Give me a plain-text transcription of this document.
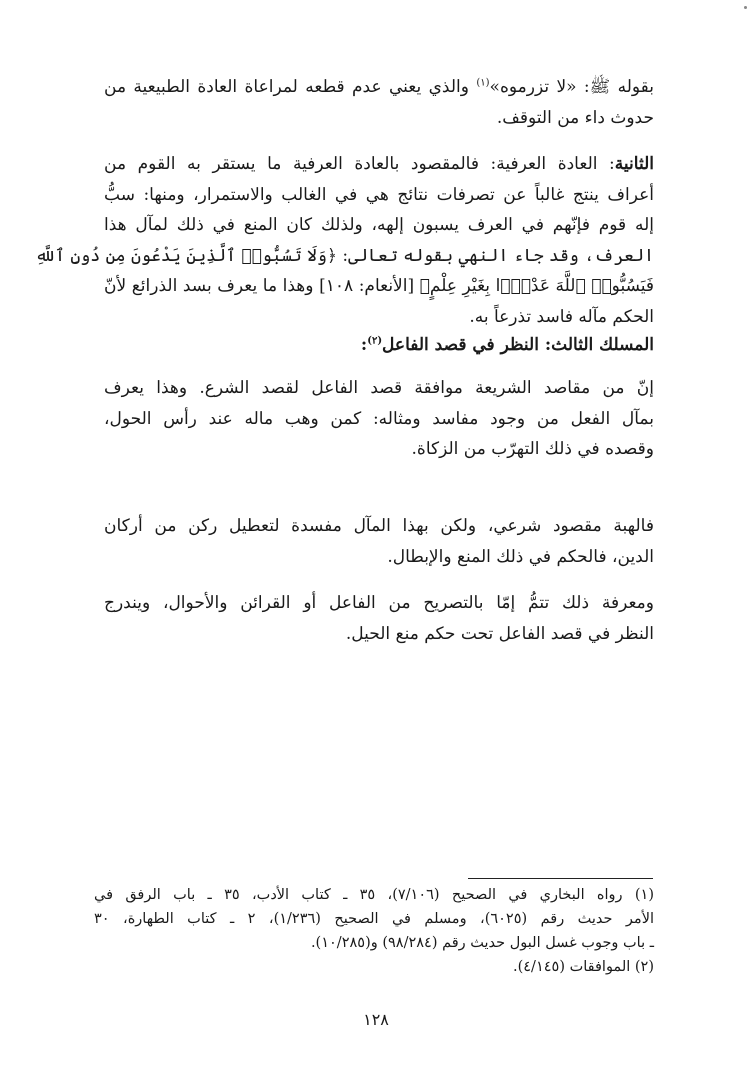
بقوله ﷺ: «لا تزرموه»$^{(١)}$ والذي يعني عدم قطعه لمراعاة العادة الطبيعية من
حدوث داء من التوقف.
الثانية: العادة العرفية: فالمقصود بالعادة العرفية ما يستقر به القوم من
أعراف ينتج غالباً عن تصرفات نتائج هي في الغالب والاستمرار، ومنها: سبُّ
إله قوم فإنّهم في العرف يسبون إلهه، ولذلك كان المنع في ذلك لمآل هذا
العرف، وقد جاء النهي بقوله تعالى: ﴿وَلَا تَسُبُّوا۟ ٱلَّذِينَ يَدْعُونَ مِن دُونِ ٱللَّهِ
فَيَسُبُّوا۟ ٱللَّهَ عَدْوًۢا بِغَيْرِ عِلْمٍ﴾ [الأنعام: ١٠٨] وهذا ما يعرف بسد الذرائع لأنّ
الحكم مآله فاسد تذرعاً به.
المسلك الثالث: النظر في قصد الفاعل$^{(٢)}$:
إنّ من مقاصد الشريعة موافقة قصد الفاعل لقصد الشرع. وهذا يعرف
بمآل الفعل من وجود مفاسد ومثاله: كمن وهب ماله عند رأس الحول،
وقصده في ذلك التهرّب من الزكاة.
فالهبة مقصود شرعي، ولكن بهذا المآل مفسدة لتعطيل ركن من أركان
الدين، فالحكم في ذلك المنع والإبطال.
ومعرفة ذلك تتمُّ إمّا بالتصريح من الفاعل أو القرائن والأحوال، ويندرج
النظر في قصد الفاعل تحت حكم منع الحيل.
(١) رواه البخاري في الصحيح (٧/١٠٦)، ٣٥ ـ كتاب الأدب، ٣٥ ـ باب الرفق في
الأمر حديث رقم (٦٠٢٥)، ومسلم في الصحيح (١/٢٣٦)، ٢ ـ كتاب الطهارة، ٣٠
ـ باب وجوب غسل البول حديث رقم (٩٨/٢٨٤) و(١٠/٢٨٥).
(٢) الموافقات (٤/١٤٥).
١٢٨
